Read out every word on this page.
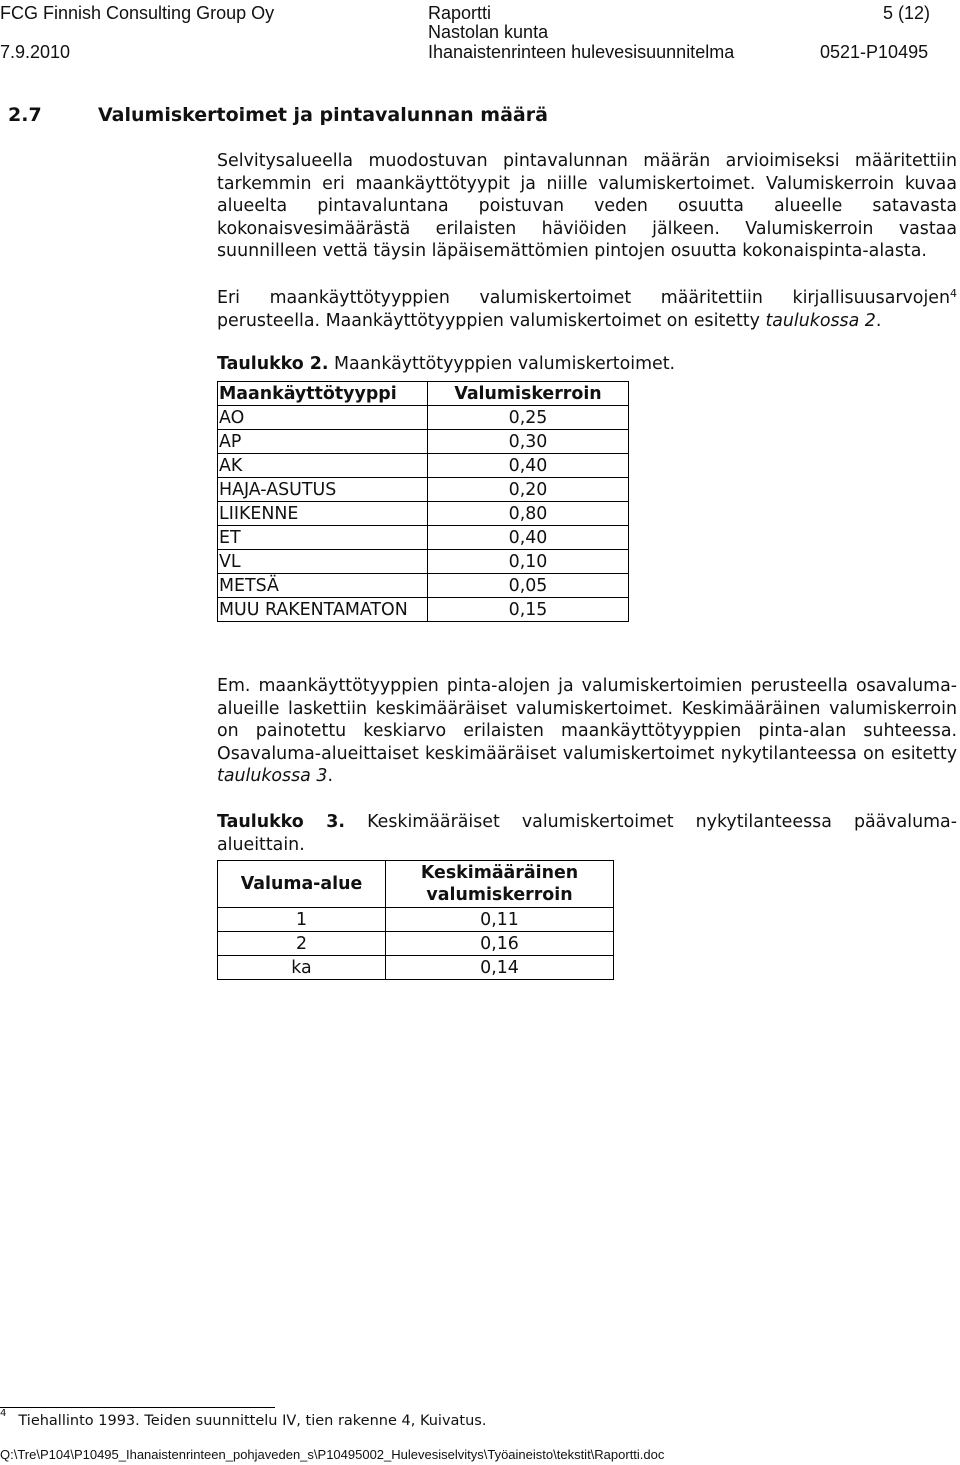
FCG Finnish Consulting Group Oy
7.9.2010
Raportti
Nastolan kunta
Ihanaistenrinteen hulevesisuunnitelma
5 (12)
0521-P10495
2.7	Valumiskertoimet ja pintavalunnan määrä
Selvitysalueella muodostuvan pintavalunnan määrän arvioimiseksi määritettiin tarkemmin eri maankäyttötyypit ja niille valumiskertoimet. Valumiskerroin kuvaa alueelta pintavaluntana poistuvan veden osuutta alueelle satavasta kokonaisvesimäärästä erilaisten häviöiden jälkeen. Valumiskerroin vastaa suunnilleen vettä täysin läpäisemättömien pintojen osuutta kokonaispinta-alasta.
Eri maankäyttötyyppien valumiskertoimet määritettiin kirjallisuusarvojen$^4$ perusteella. Maankäyttötyyppien valumiskertoimet on esitetty taulukossa 2.
Taulukko 2. Maankäyttötyyppien valumiskertoimet.
Maankäyttötyyppi	Valumiskerroin
AO	0,25
AP	0,30
AK	0,40
HAJA-ASUTUS	0,20
LIIKENNE	0,80
ET	0,40
VL	0,10
METSÄ	0,05
MUU RAKENTAMATON	0,15
Em. maankäyttötyyppien pinta-alojen ja valumiskertoimien perusteella osavaluma-alueille laskettiin keskimääräiset valumiskertoimet. Keskimääräinen valumiskerroin on painotettu keskiarvo erilaisten maankäyttötyyppien pinta-alan suhteessa. Osavaluma-alueittaiset keskimääräiset valumiskertoimet nykytilanteessa on esitetty taulukossa 3.
Taulukko 3. Keskimääräiset valumiskertoimet nykytilanteessa päävaluma-alueittain.
Valuma-alue	Keskimääräinen valumiskerroin
1	0,11
2	0,16
ka	0,14
$^4$ Tiehallinto 1993. Teiden suunnittelu IV, tien rakenne 4, Kuivatus.
Q:\Tre\P104\P10495_Ihanaistenrinteen_pohjaveden_s\P10495002_Hulevesiselvitys\Työaineisto\tekstit\Raportti.doc
